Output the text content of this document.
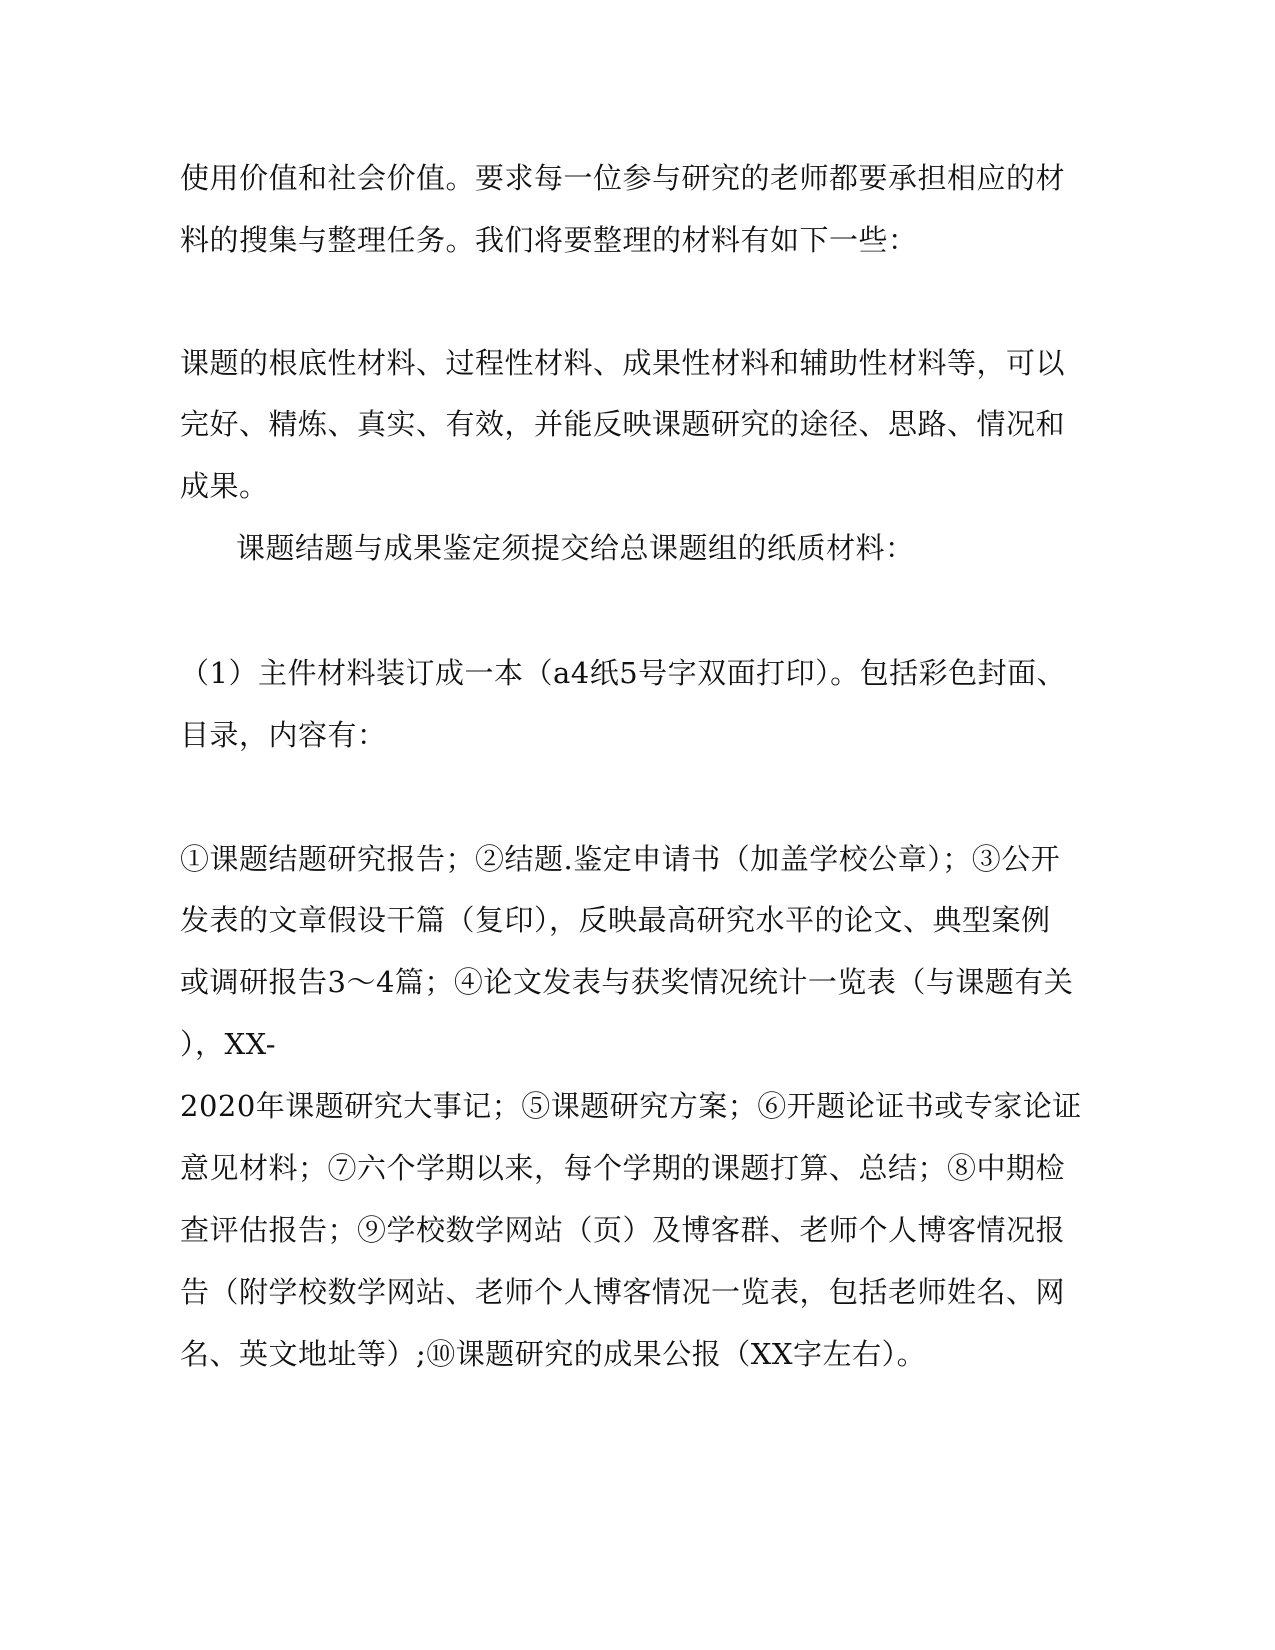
使用价值和社会价值。要求每一位参与研究的老师都要承担相应的材
料的搜集与整理任务。我们将要整理的材料有如下一些：
课题的根底性材料、过程性材料、成果性材料和辅助性材料等，可以
完好、精炼、真实、有效，并能反映课题研究的途径、思路、情况和
成果。
课题结题与成果鉴定须提交给总课题组的纸质材料：
（1）主件材料装订成一本（a4纸5号字双面打印）。包括彩色封面、
目录，内容有：
①课题结题研究报告；②结题.鉴定申请书（加盖学校公章）；③公开
发表的文章假设干篇（复印），反映最高研究水平的论文、典型案例
或调研报告3～4篇；④论文发表与获奖情况统计一览表（与课题有关
），XX-
2020年课题研究大事记；⑤课题研究方案；⑥开题论证书或专家论证
意见材料；⑦六个学期以来，每个学期的课题打算、总结；⑧中期检
查评估报告；⑨学校数学网站（页）及博客群、老师个人博客情况报
告（附学校数学网站、老师个人博客情况一览表，包括老师姓名、网
名、英文地址等）;⑩课题研究的成果公报（XX字左右）。
